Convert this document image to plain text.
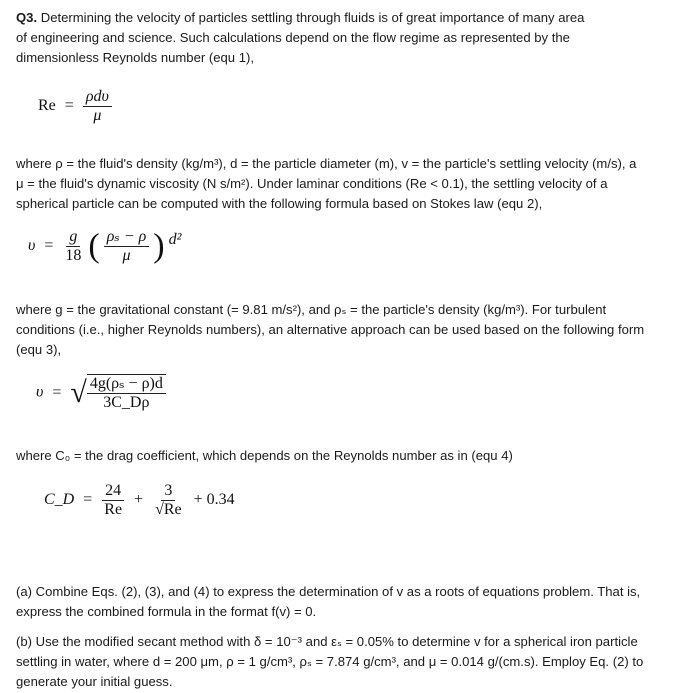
Q3. Determining the velocity of particles settling through fluids is of great importance of many area
of engineering and science. Such calculations depend on the flow regime as represented by the
dimensionless Reynolds number (equ 1),
$Re = \frac{\text{ρdυ}}{\mu}$
where ρ = the fluid's density (kg/m³), d = the particle diameter (m), v = the particle's settling velocity (m/s), a
μ = the fluid's dynamic viscosity (N s/m²). Under laminar conditions (Re < 0.1), the settling velocity of a
spherical particle can be computed with the following formula based on Stokes law (equ 2),
$\upsilon = \frac{g}{18}$ ( $\frac{\text{ρₛ − ρ}}{\mu}$ ) d²
where g = the gravitational constant (= 9.81 m/s²), and ρₛ = the particle's density (kg/m³). For turbulent
conditions (i.e., higher Reynolds numbers), an alternative approach can be used based on the following form
(equ 3),
υ = √ $\frac{\text{4g(ρₛ − ρ)d}}{3C\_D\rho}$
where C₀ = the drag coefficient, which depends on the Reynolds number as in (equ 4)
C_D = $\frac{24}{Re} + \frac{3}{√Re} + 0.34$
(a) Combine Eqs. (2), (3), and (4) to express the determination of v as a roots of equations problem. That is,
express the combined formula in the format f(v) = 0.
(b) Use the modified secant method with δ = 10⁻³ and εₛ = 0.05% to determine v for a spherical iron particle
settling in water, where d = 200 μm, ρ = 1 g/cm³, ρₛ = 7.874 g/cm³, and μ = 0.014 g/(cm.s). Employ Eq. (2) to
generate your initial guess.
